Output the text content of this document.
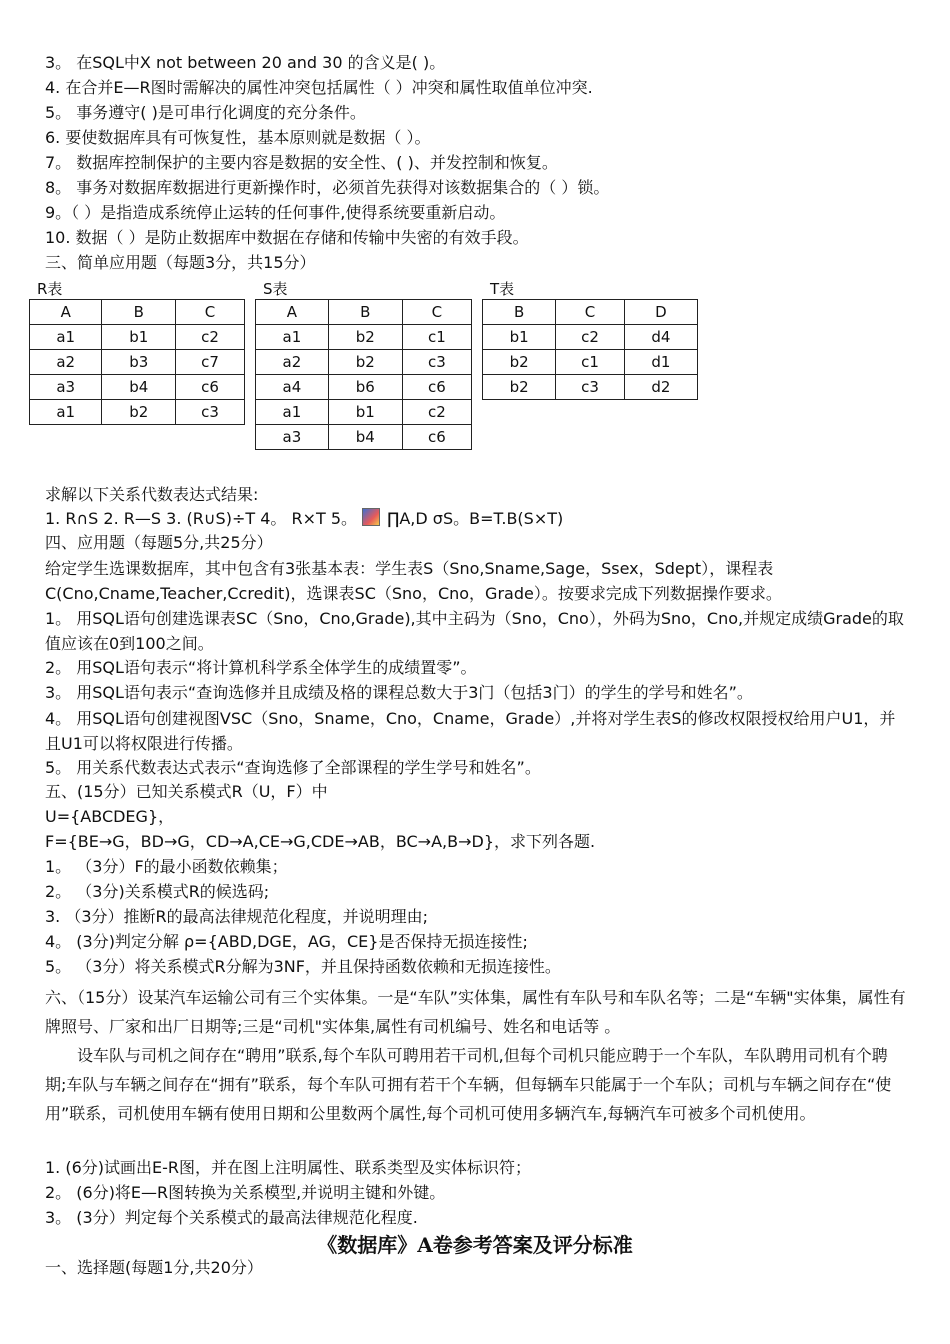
3。 在SQL中X not between 20 and 30 的含义是( )。
4. 在合并E—R图时需解决的属性冲突包括属性（ ）冲突和属性取值单位冲突.
5。 事务遵守( )是可串行化调度的充分条件。
6. 要使数据库具有可恢复性，基本原则就是数据（ ）。
7。 数据库控制保护的主要内容是数据的安全性、( )、并发控制和恢复。
8。 事务对数据库数据进行更新操作时，必须首先获得对该数据集合的（ ）锁。
9。（ ）是指造成系统停止运转的任何事件,使得系统要重新启动。
10. 数据（ ）是防止数据库中数据在存储和传输中失密的有效手段。
三、简单应用题（每题3分，共15分）
R表	S表	T表
A	B	C
a1	b1	c2
a2	b3	c7
a3	b4	c6
a1	b2	c3
A	B	C
a1	b2	c1
a2	b2	c3
a4	b6	c6
a1	b1	c2
a3	b4	c6
B	C	D
b1	c2	d4
b2	c1	d1
b2	c3	d2
求解以下关系代数表达式结果:
1. R∩S 2. R—S 3. (R∪S)÷T 4。 R×T 5。 ∏A,D σS。B=T.B(S×T)
四、应用题（每题5分,共25分）
给定学生选课数据库，其中包含有3张基本表：学生表S（Sno,Sname,Sage，Ssex，Sdept），课程表C(Cno,Cname,Teacher,Ccredit)，选课表SC（Sno，Cno，Grade）。按要求完成下列数据操作要求。
1。 用SQL语句创建选课表SC（Sno，Cno,Grade),其中主码为（Sno，Cno），外码为Sno，Cno,并规定成绩Grade的取值应该在0到100之间。
2。 用SQL语句表示“将计算机科学系全体学生的成绩置零”。
3。 用SQL语句表示“查询选修并且成绩及格的课程总数大于3门（包括3门）的学生的学号和姓名”。
4。 用SQL语句创建视图VSC（Sno，Sname，Cno，Cname，Grade）,并将对学生表S的修改权限授权给用户U1，并且U1可以将权限进行传播。
5。 用关系代数表达式表示“查询选修了全部课程的学生学号和姓名”。
五、(15分）已知关系模式R（U，F）中
U={ABCDEG}，
F={BE→G，BD→G，CD→A,CE→G,CDE→AB，BC→A,B→D}，求下列各题.
1。 （3分）F的最小函数依赖集；
2。 （3分)关系模式R的候选码;
3. （3分）推断R的最高法律规范化程度，并说明理由;
4。 (3分)判定分解 ρ={ABD,DGE，AG，CE}是否保持无损连接性;
5。 （3分）将关系模式R分解为3NF，并且保持函数依赖和无损连接性。
六、（15分）设某汽车运输公司有三个实体集。一是“车队”实体集，属性有车队号和车队名等；二是“车辆"实体集，属性有牌照号、厂家和出厂日期等;三是“司机"实体集,属性有司机编号、姓名和电话等 。
设车队与司机之间存在“聘用”联系,每个车队可聘用若干司机,但每个司机只能应聘于一个车队，车队聘用司机有个聘期;车队与车辆之间存在“拥有”联系，每个车队可拥有若干个车辆，但每辆车只能属于一个车队；司机与车辆之间存在“使用”联系，司机使用车辆有使用日期和公里数两个属性,每个司机可使用多辆汽车,每辆汽车可被多个司机使用。
1. (6分)试画出E-R图，并在图上注明属性、联系类型及实体标识符；
2。 (6分)将E—R图转换为关系模型,并说明主键和外键。
3。 (3分）判定每个关系模式的最高法律规范化程度.
《数据库》A卷参考答案及评分标准
一、选择题(每题1分,共20分）
